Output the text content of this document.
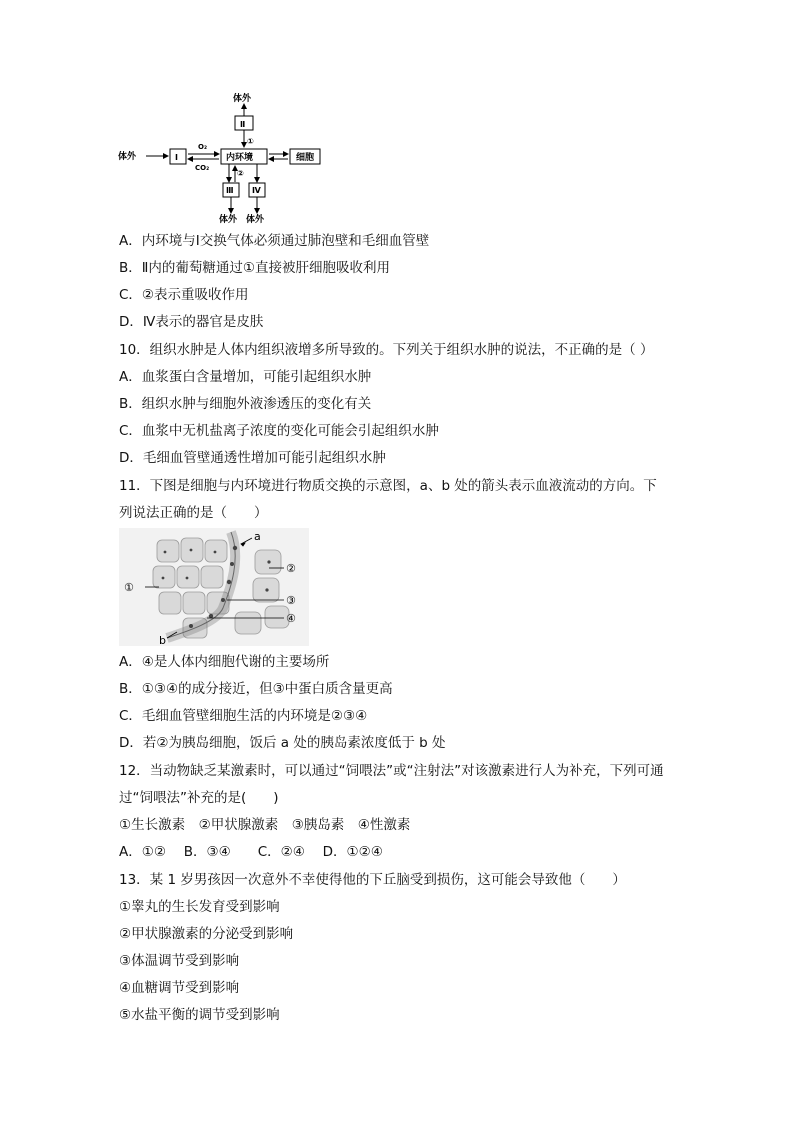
体外
Ⅱ
①
体外	Ⅰ
O₂
CO₂
内环境	细胞
②
Ⅲ Ⅳ
体外 体外
A．内环境与Ⅰ交换气体必须通过肺泡壁和毛细血管壁
B．Ⅱ内的葡萄糖通过①直接被肝细胞吸收利用
C．②表示重吸收作用
D．Ⅳ表示的器官是皮肤
10．组织水肿是人体内组织液增多所导致的。下列关于组织水肿的说法，不正确的是（ ）
A．血浆蛋白含量增加，可能引起组织水肿
B．组织水肿与细胞外液渗透压的变化有关
C．血浆中无机盐离子浓度的变化可能会引起组织水肿
D．毛细血管壁通透性增加可能引起组织水肿
11．下图是细胞与内环境进行物质交换的示意图，a、b 处的箭头表示血液流动的方向。下
列说法正确的是（　　）
a
②
①
③
④
b
A．④是人体内细胞代谢的主要场所
B．①③④的成分接近，但③中蛋白质含量更高
C．毛细血管壁细胞生活的内环境是②③④
D．若②为胰岛细胞，饭后 a 处的胰岛素浓度低于 b 处
12．当动物缺乏某激素时，可以通过“饲喂法”或“注射法”对该激素进行人为补充，下列可通
过“饲喂法”补充的是(　　)
①生长激素　②甲状腺激素　③胰岛素　④性激素
A．①②　 B．③④　　C．②④　 D．①②④
13．某 1 岁男孩因一次意外不幸使得他的下丘脑受到损伤，这可能会导致他（　　）
①睾丸的生长发育受到影响
②甲状腺激素的分泌受到影响
③体温调节受到影响
④血糖调节受到影响
⑤水盐平衡的调节受到影响
